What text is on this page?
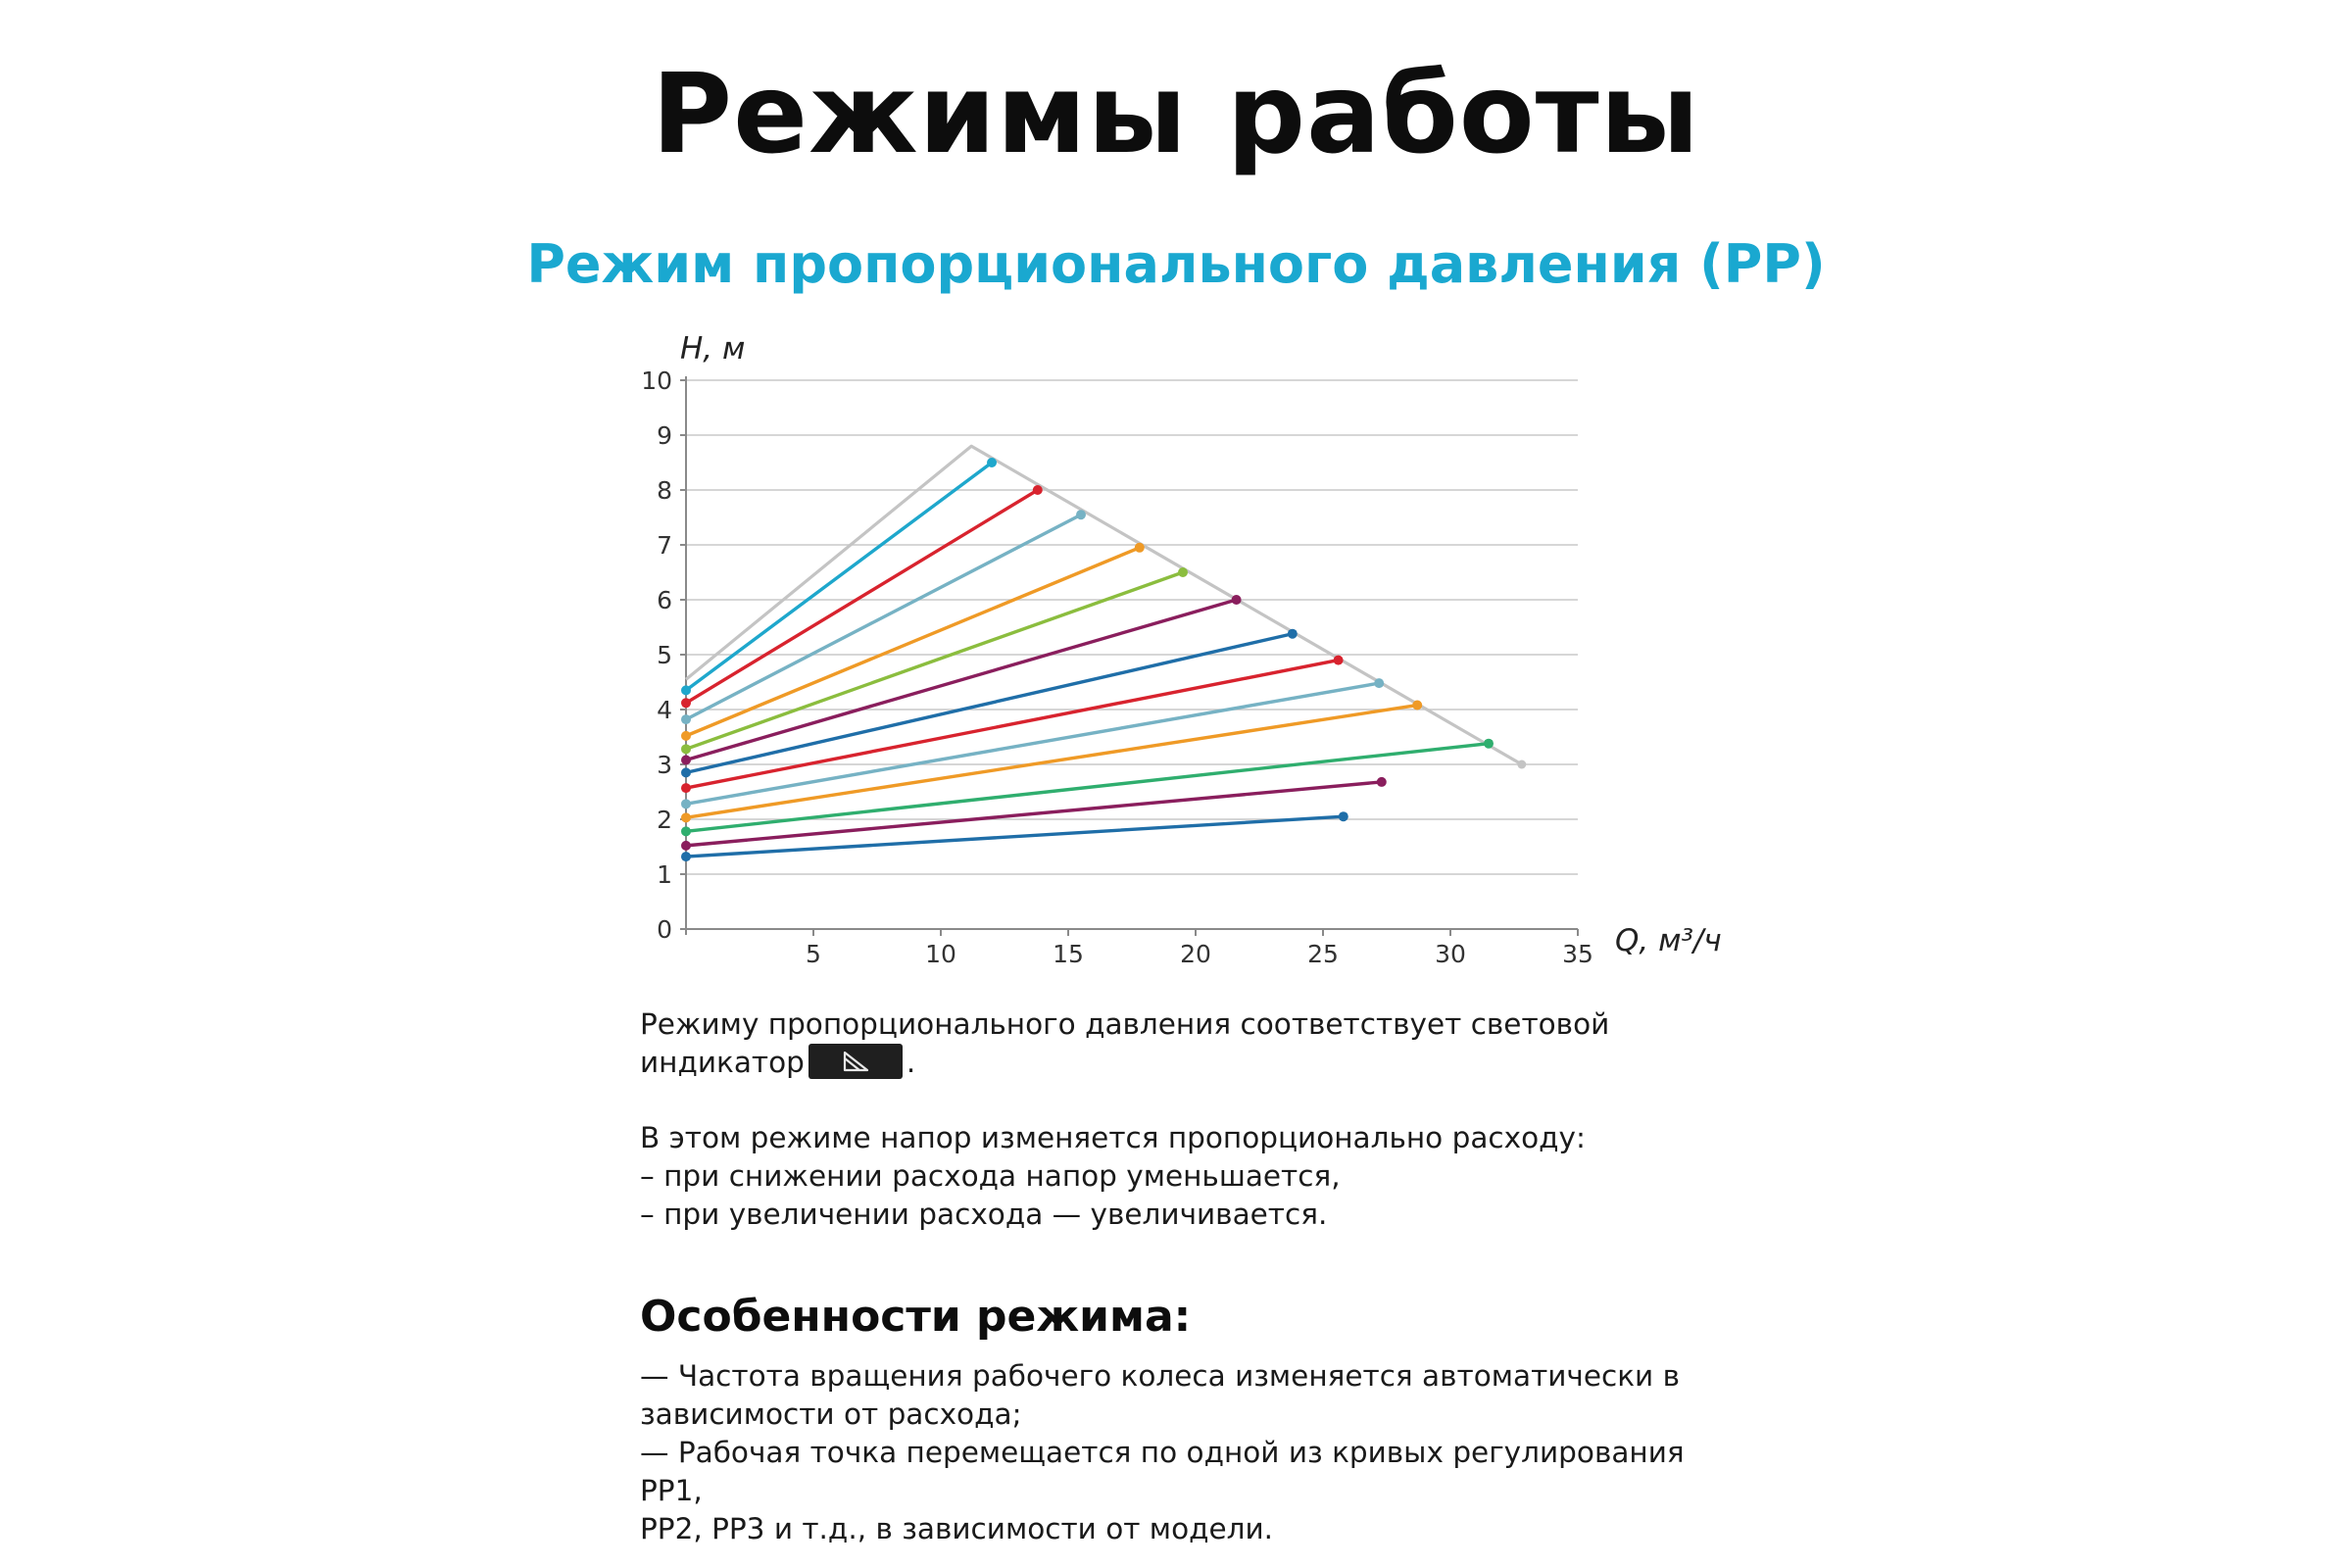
Режимы работы
Режим пропорционального давления (PP)
0
1
2
3
4
5
6
7
8
9
10
5	10	15	20	25	30	35
H, м
Q, м³/ч

Режиму пропорционального давления соответствует световой

индикатор	.

В этом режиме напор изменяется пропорционально расходу:

– при снижении расхода напор уменьшается,

– при увеличении расхода — увеличивается.

Особенности режима:

— Частота вращения рабочего колеса изменяется автоматически в

зависимости от расхода;

— Рабочая точка перемещается по одной из кривых регулирования PP1,

PP2, PP3 и т.д., в зависимости от модели.
